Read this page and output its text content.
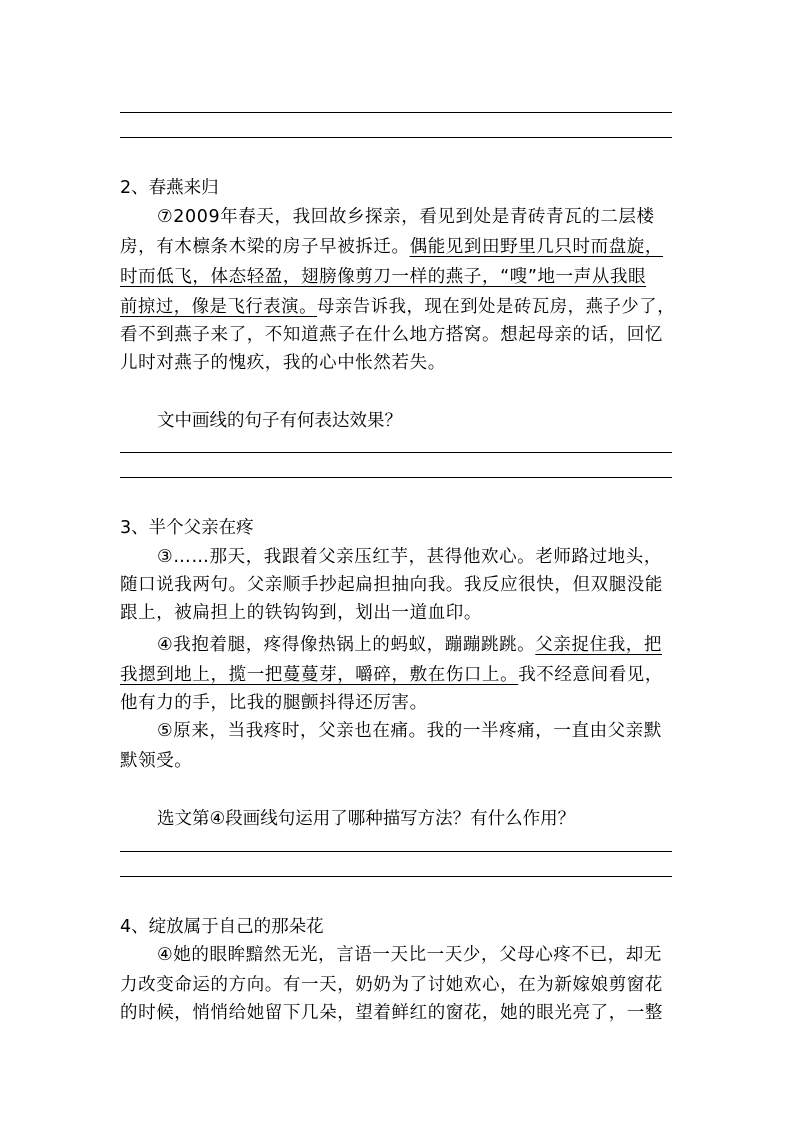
2、春燕来归
⑦2009年春天，我回故乡探亲，看见到处是青砖青瓦的二层楼
房，有木檩条木梁的房子早被拆迁。偶能见到田野里几只时而盘旋，
时而低飞，体态轻盈，翅膀像剪刀一样的燕子，“嗖”地一声从我眼
前掠过，像是飞行表演。母亲告诉我，现在到处是砖瓦房，燕子少了，
看不到燕子来了，不知道燕子在什么地方搭窝。想起母亲的话，回忆
儿时对燕子的愧疚，我的心中怅然若失。
文中画线的句子有何表达效果？
3、半个父亲在疼
③……那天，我跟着父亲压红芋，甚得他欢心。老师路过地头，
随口说我两句。父亲顺手抄起扁担抽向我。我反应很快，但双腿没能
跟上，被扁担上的铁钩钩到，划出一道血印。
④我抱着腿，疼得像热锅上的蚂蚁，蹦蹦跳跳。父亲捉住我，把
我摁到地上，揽一把蔓蔓芽，嚼碎，敷在伤口上。我不经意间看见，
他有力的手，比我的腿颤抖得还厉害。
⑤原来，当我疼时，父亲也在痛。我的一半疼痛，一直由父亲默
默领受。
选文第④段画线句运用了哪种描写方法？有什么作用？
4、绽放属于自己的那朵花
④她的眼眸黯然无光，言语一天比一天少，父母心疼不已，却无
力改变命运的方向。有一天，奶奶为了讨她欢心，在为新嫁娘剪窗花
的时候，悄悄给她留下几朵，望着鲜红的窗花，她的眼光亮了，一整
